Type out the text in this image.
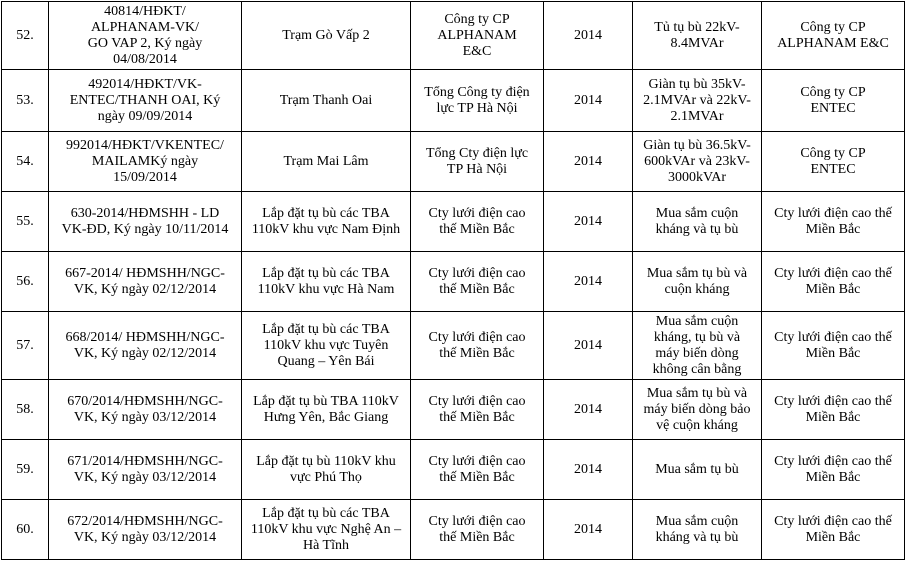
52.	40814/HĐKT/
ALPHANAM-VK/
GO VAP 2, Ký ngày
04/08/2014	Trạm Gò Vấp 2	Công ty CP
ALPHANAM
E&C	2014	Tủ tụ bù 22kV-
8.4MVAr	Công ty CP
ALPHANAM E&C
53.	492014/HĐKT/VK-
ENTEC/THANH OAI, Ký
ngày 09/09/2014	Trạm Thanh Oai	Tổng Công ty điện
lực TP Hà Nội	2014	Giàn tụ bù 35kV-
2.1MVAr và 22kV-
2.1MVAr	Công ty CP
ENTEC
54.	992014/HĐKT/VKENTEC/
MAILAMKý ngày
15/09/2014	Trạm Mai Lâm	Tổng Cty điện lực
TP Hà Nội	2014	Giàn tụ bù 36.5kV-
600kVAr và 23kV-
3000kVAr	Công ty CP
ENTEC
55.	630-2014/HĐMSHH - LD
VK-ĐD, Ký ngày 10/11/2014	Lắp đặt tụ bù các TBA
110kV khu vực Nam Định	Cty lưới điện cao
thế Miền Bắc	2014	Mua sắm cuộn
kháng và tụ bù	Cty lưới điện cao thế
Miền Bắc
56.	667-2014/ HĐMSHH/NGC-
VK, Ký ngày 02/12/2014	Lắp đặt tụ bù các TBA
110kV khu vực Hà Nam	Cty lưới điện cao
thế Miền Bắc	2014	Mua sắm tụ bù và
cuộn kháng	Cty lưới điện cao thế
Miền Bắc
57.	668/2014/ HĐMSHH/NGC-
VK, Ký ngày 02/12/2014	Lắp đặt tụ bù các TBA
110kV khu vực Tuyên
Quang – Yên Bái	Cty lưới điện cao
thế Miền Bắc	2014	Mua sắm cuộn
kháng, tụ bù và
máy biến dòng
không cân bằng	Cty lưới điện cao thế
Miền Bắc
58.	670/2014/HĐMSHH/NGC-
VK, Ký ngày 03/12/2014	Lắp đặt tụ bù TBA 110kV
Hưng Yên, Bắc Giang	Cty lưới điện cao
thế Miền Bắc	2014	Mua sắm tụ bù và
máy biến dòng bảo
vệ cuộn kháng	Cty lưới điện cao thế
Miền Bắc
59.	671/2014/HĐMSHH/NGC-
VK, Ký ngày 03/12/2014	Lắp đặt tụ bù 110kV khu
vực Phú Thọ	Cty lưới điện cao
thế Miền Bắc	2014	Mua sắm tụ bù	Cty lưới điện cao thế
Miền Bắc
60.	672/2014/HĐMSHH/NGC-
VK, Ký ngày 03/12/2014	Lắp đặt tụ bù các TBA
110kV khu vực Nghệ An –
Hà Tĩnh	Cty lưới điện cao
thế Miền Bắc	2014	Mua sắm cuộn
kháng và tụ bù	Cty lưới điện cao thế
Miền Bắc
